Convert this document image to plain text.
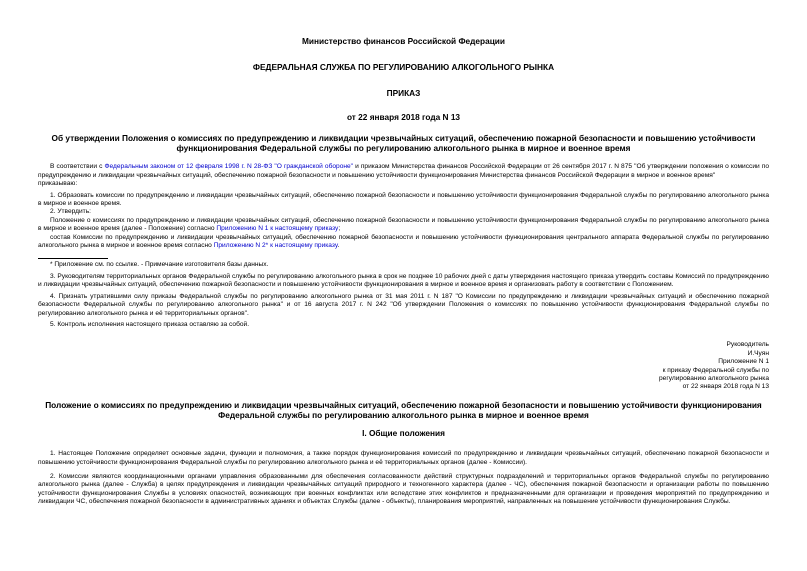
Министерство финансов Российской Федерации
ФЕДЕРАЛЬНАЯ СЛУЖБА ПО РЕГУЛИРОВАНИЮ АЛКОГОЛЬНОГО РЫНКА
ПРИКАЗ
от 22 января 2018 года N 13
Об утверждении Положения о комиссиях по предупреждению и ликвидации чрезвычайных ситуаций, обеспечению пожарной безопасности и повышению устойчивости функционирования Федеральной службы по регулированию алкогольного рынка в мирное и военное время

В соответствии с Федеральным законом от 12 февраля 1998 г. N 28-ФЗ "О гражданской обороне" и приказом Министерства финансов Российской Федерации от 26 сентября 2017 г. N 875 "Об утверждении положения о комиссии по предупреждению и ликвидации чрезвычайных ситуаций, обеспечению пожарной безопасности и повышению устойчивости функционирования Министерства финансов Российской Федерации в мирное и военное время"

приказываю:

1. Образовать комиссии по предупреждению и ликвидации чрезвычайных ситуаций, обеспечению пожарной безопасности и повышению устойчивости функционирования Федеральной службы по регулированию алкогольного рынка в мирное и военное время.

2. Утвердить:

Положение о комиссиях по предупреждению и ликвидации чрезвычайных ситуаций, обеспечению пожарной безопасности и повышению устойчивости функционирования Федеральной службы по регулированию алкогольного рынка в мирное и военное время (далее - Положение) согласно Приложению N 1 к настоящему приказу;

состав Комиссии по предупреждению и ликвидации чрезвычайных ситуаций, обеспечению пожарной безопасности и повышению устойчивости функционирования центрального аппарата Федеральной службы по регулированию алкогольного рынка в мирное и военное время согласно Приложению N 2* к настоящему приказу.

* Приложение см. по ссылке. - Примечание изготовителя базы данных.

3. Руководителям территориальных органов Федеральной службы по регулированию алкогольного рынка в срок не позднее 10 рабочих дней с даты утверждения настоящего приказа утвердить составы Комиссий по предупреждению и ликвидации чрезвычайных ситуаций, обеспечению пожарной безопасности и повышению устойчивости функционирования в мирное и военное время и организовать работу в соответствии с Положением.

4. Признать утратившими силу приказы Федеральной службы по регулированию алкогольного рынка от 31 мая 2011 г. N 187 "О Комиссии по предупреждению и ликвидации чрезвычайных ситуаций и обеспечению пожарной безопасности Федеральной службы по регулированию алкогольного рынка" и от 16 августа 2017 г. N 242 "Об утверждении Положения о комиссиях по повышению устойчивости функционирования Федеральной службы по регулированию алкогольного рынка и её территориальных органов".

5. Контроль исполнения настоящего приказа оставляю за собой.

Руководитель
И.Чуян
Приложение N 1
к приказу Федеральной службы по
регулированию алкогольного рынка
от 22 января 2018 года N 13
Положение о комиссиях по предупреждению и ликвидации чрезвычайных ситуаций, обеспечению пожарной безопасности и повышению устойчивости функционирования Федеральной службы по регулированию алкогольного рынка в мирное и военное время
I. Общие положения

1. Настоящее Положение определяет основные задачи, функции и полномочия, а также порядок функционирования комиссий по предупреждению и ликвидации чрезвычайных ситуаций, обеспечению пожарной безопасности и повышению устойчивости функционирования Федеральной службы по регулированию алкогольного рынка и её территориальных органов (далее - Комиссии).

2. Комиссии являются координационными органами управления образованными для обеспечения согласованности действий структурных подразделений и территориальных органов Федеральной службы по регулированию алкогольного рынка (далее - Служба) в целях предупреждения и ликвидации чрезвычайных ситуаций природного и техногенного характера (далее - ЧС), обеспечения пожарной безопасности и организации работы по повышению устойчивости функционирования Службы в условиях опасностей, возникающих при военных конфликтах или вследствие этих конфликтов и предназначенными для организации и проведения мероприятий по предупреждению и ликвидации ЧС, обеспечения пожарной безопасности в административных зданиях и объектах Службы (далее - объекты), планирования мероприятий, направленных на повышение устойчивости функционирования Службы.
